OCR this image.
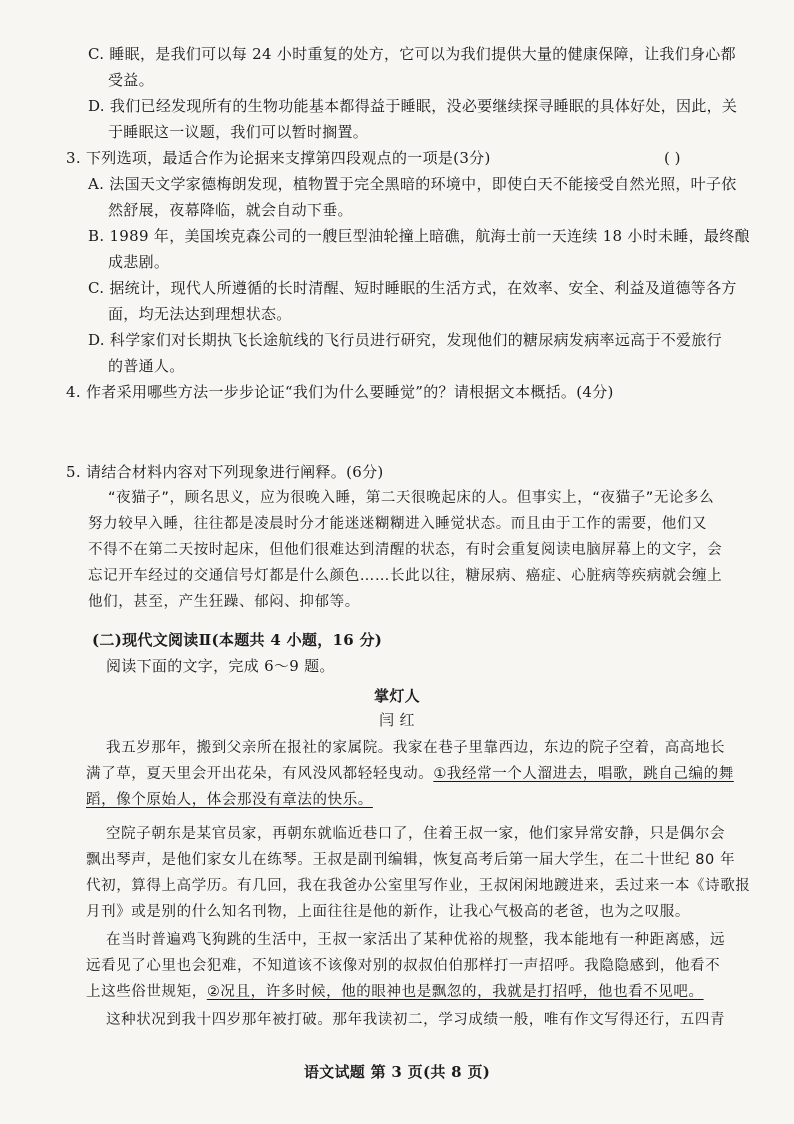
C. 睡眠，是我们可以每 24 小时重复的处方，它可以为我们提供大量的健康保障，让我们身心都
受益。
D. 我们已经发现所有的生物功能基本都得益于睡眠，没必要继续探寻睡眠的具体好处，因此，关
于睡眠这一议题，我们可以暂时搁置。
3. 下列选项，最适合作为论据来支撑第四段观点的一项是(3分)	( )
A. 法国天文学家德梅朗发现，植物置于完全黑暗的环境中，即使白天不能接受自然光照，叶子依
然舒展，夜幕降临，就会自动下垂。
B. 1989 年，美国埃克森公司的一艘巨型油轮撞上暗礁，航海士前一天连续 18 小时未睡，最终酿
成悲剧。
C. 据统计，现代人所遵循的长时清醒、短时睡眠的生活方式，在效率、安全、利益及道德等各方
面，均无法达到理想状态。
D. 科学家们对长期执飞长途航线的飞行员进行研究，发现他们的糖尿病发病率远高于不爱旅行
的普通人。
4. 作者采用哪些方法一步步论证“我们为什么要睡觉”的？请根据文本概括。(4分)
5. 请结合材料内容对下列现象进行阐释。(6分)
“夜猫子”，顾名思义，应为很晚入睡，第二天很晚起床的人。但事实上，“夜猫子”无论多么
努力较早入睡，往往都是凌晨时分才能迷迷糊糊进入睡觉状态。而且由于工作的需要，他们又
不得不在第二天按时起床，但他们很难达到清醒的状态，有时会重复阅读电脑屏幕上的文字，会
忘记开车经过的交通信号灯都是什么颜色……长此以往，糖尿病、癌症、心脏病等疾病就会缠上
他们，甚至，产生狂躁、郁闷、抑郁等。
(二)现代文阅读Ⅱ(本题共 4 小题，16 分)
阅读下面的文字，完成 6～9 题。
掌灯人
闫 红
我五岁那年，搬到父亲所在报社的家属院。我家在巷子里靠西边，东边的院子空着，高高地长
满了草，夏天里会开出花朵，有风没风都轻轻曳动。①我经常一个人溜进去，唱歌，跳自己编的舞
蹈，像个原始人，体会那没有章法的快乐。
空院子朝东是某官员家，再朝东就临近巷口了，住着王叔一家，他们家异常安静，只是偶尔会
飘出琴声，是他们家女儿在练琴。王叔是副刊编辑，恢复高考后第一届大学生，在二十世纪 80 年
代初，算得上高学历。有几回，我在我爸办公室里写作业，王叔闲闲地踱进来，丢过来一本《诗歌报
月刊》或是别的什么知名刊物，上面往往是他的新作，让我心气极高的老爸，也为之叹服。
在当时普遍鸡飞狗跳的生活中，王叔一家活出了某种优裕的规整，我本能地有一种距离感，远
远看见了心里也会犯难，不知道该不该像对别的叔叔伯伯那样打一声招呼。我隐隐感到，他看不
上这些俗世规矩，②况且，许多时候，他的眼神也是飘忽的，我就是打招呼，他也看不见吧。
这种状况到我十四岁那年被打破。那年我读初二，学习成绩一般，唯有作文写得还行，五四青
语文试题 第 3 页(共 8 页)
